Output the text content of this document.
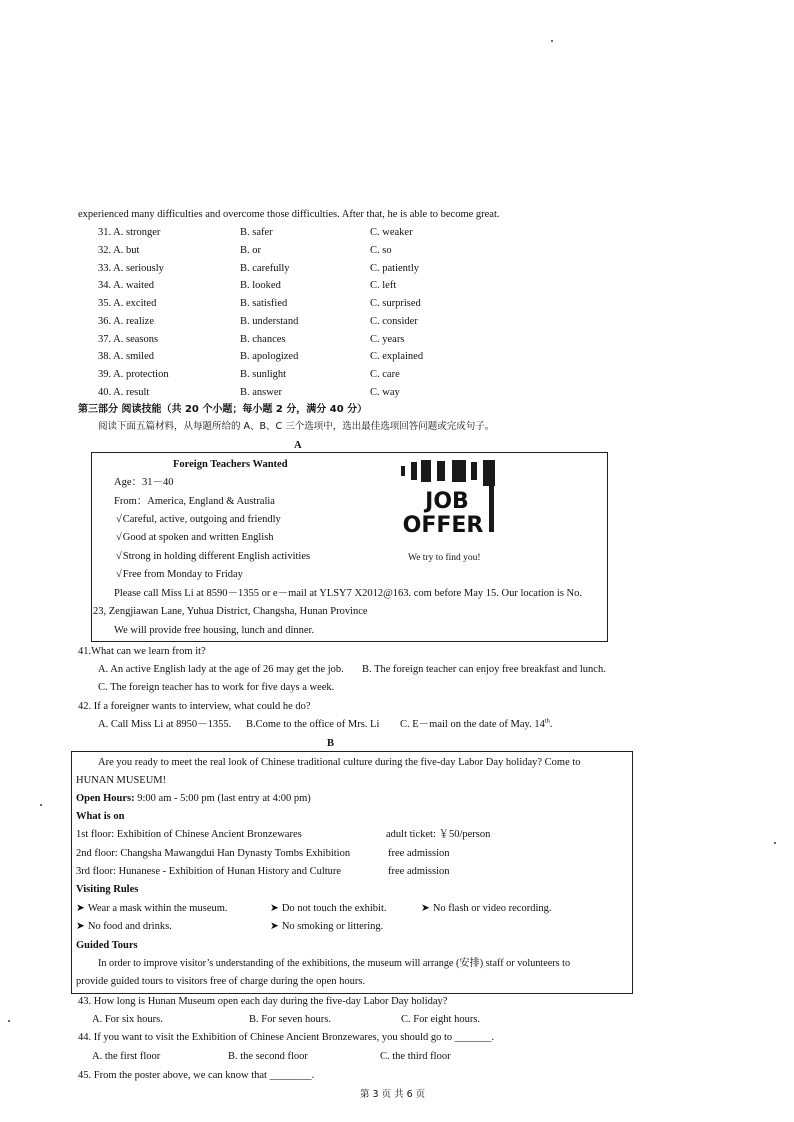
experienced many difficulties and overcome those difficulties. After that, he is able to become great.
31. A. stronger	B. safer	C. weaker
32. A. but	B. or	C. so
33. A. seriously	B. carefully	C. patiently
34. A. waited	B. looked	C. left
35. A. excited	B. satisfied	C. surprised
36. A. realize	B. understand	C. consider
37. A. seasons	B. chances	C. years
38. A. smiled	B. apologized	C. explained
39. A. protection	B. sunlight	C. care
40. A. result	B. answer	C. way
第三部分 阅读技能（共 20 个小题；每小题 2 分，满分 40 分）
阅读下面五篇材料，从每题所给的 A、B、C 三个选项中，选出最佳选项回答问题或完成句子。
A
Foreign Teachers Wanted
Age：31－40
From：America, England & Australia
√Careful, active, outgoing and friendly
√Good at spoken and written English
√Strong in holding different English activities
√Free from Monday to Friday
Please call Miss Li at 8590－1355 or e－mail at YLSY7 X2012@163. com before May 15. Our location is No.
23, Zengjiawan Lane, Yuhua District, Changsha, Hunan Province
We will provide free housing, lunch and dinner.
JOB
OFFER
We try to find you!
41.What can we learn from it?
A. An active English lady at the age of 26 may get the job. B. The foreign teacher can enjoy free breakfast and lunch.
C. The foreign teacher has to work for five days a week.
42. If a foreigner wants to interview, what could he do?
A. Call Miss Li at 8950－1355. B.Come to the office of Mrs. Li C. E－mail on the date of May. 14th.
B
Are you ready to meet the real look of Chinese traditional culture during the five-day Labor Day holiday? Come to
HUNAN MUSEUM!
Open Hours: 9:00 am - 5:00 pm (last entry at 4:00 pm)
What is on
1st floor: Exhibition of Chinese Ancient Bronzewares	adult ticket: ￥50/person
2nd floor: Changsha Mawangdui Han Dynasty Tombs Exhibition	free admission
3rd floor: Hunanese - Exhibition of Hunan History and Culture	free admission
Visiting Rules
➤ Wear a mask within the museum.	➤ Do not touch the exhibit.	➤ No flash or video recording.
➤ No food and drinks.	➤ No smoking or littering.
Guided Tours
In order to improve visitor’s understanding of the exhibitions, the museum will arrange (安排) staff or volunteers to
provide guided tours to visitors free of charge during the open hours.
43. How long is Hunan Museum open each day during the five-day Labor Day holiday?
A. For six hours.	B. For seven hours.	C. For eight hours.
44. If you want to visit the Exhibition of Chinese Ancient Bronzewares, you should go to _______.
A. the first floor	B. the second floor	C. the third floor
45. From the poster above, we can know that ________.
第 3 页 共 6 页
